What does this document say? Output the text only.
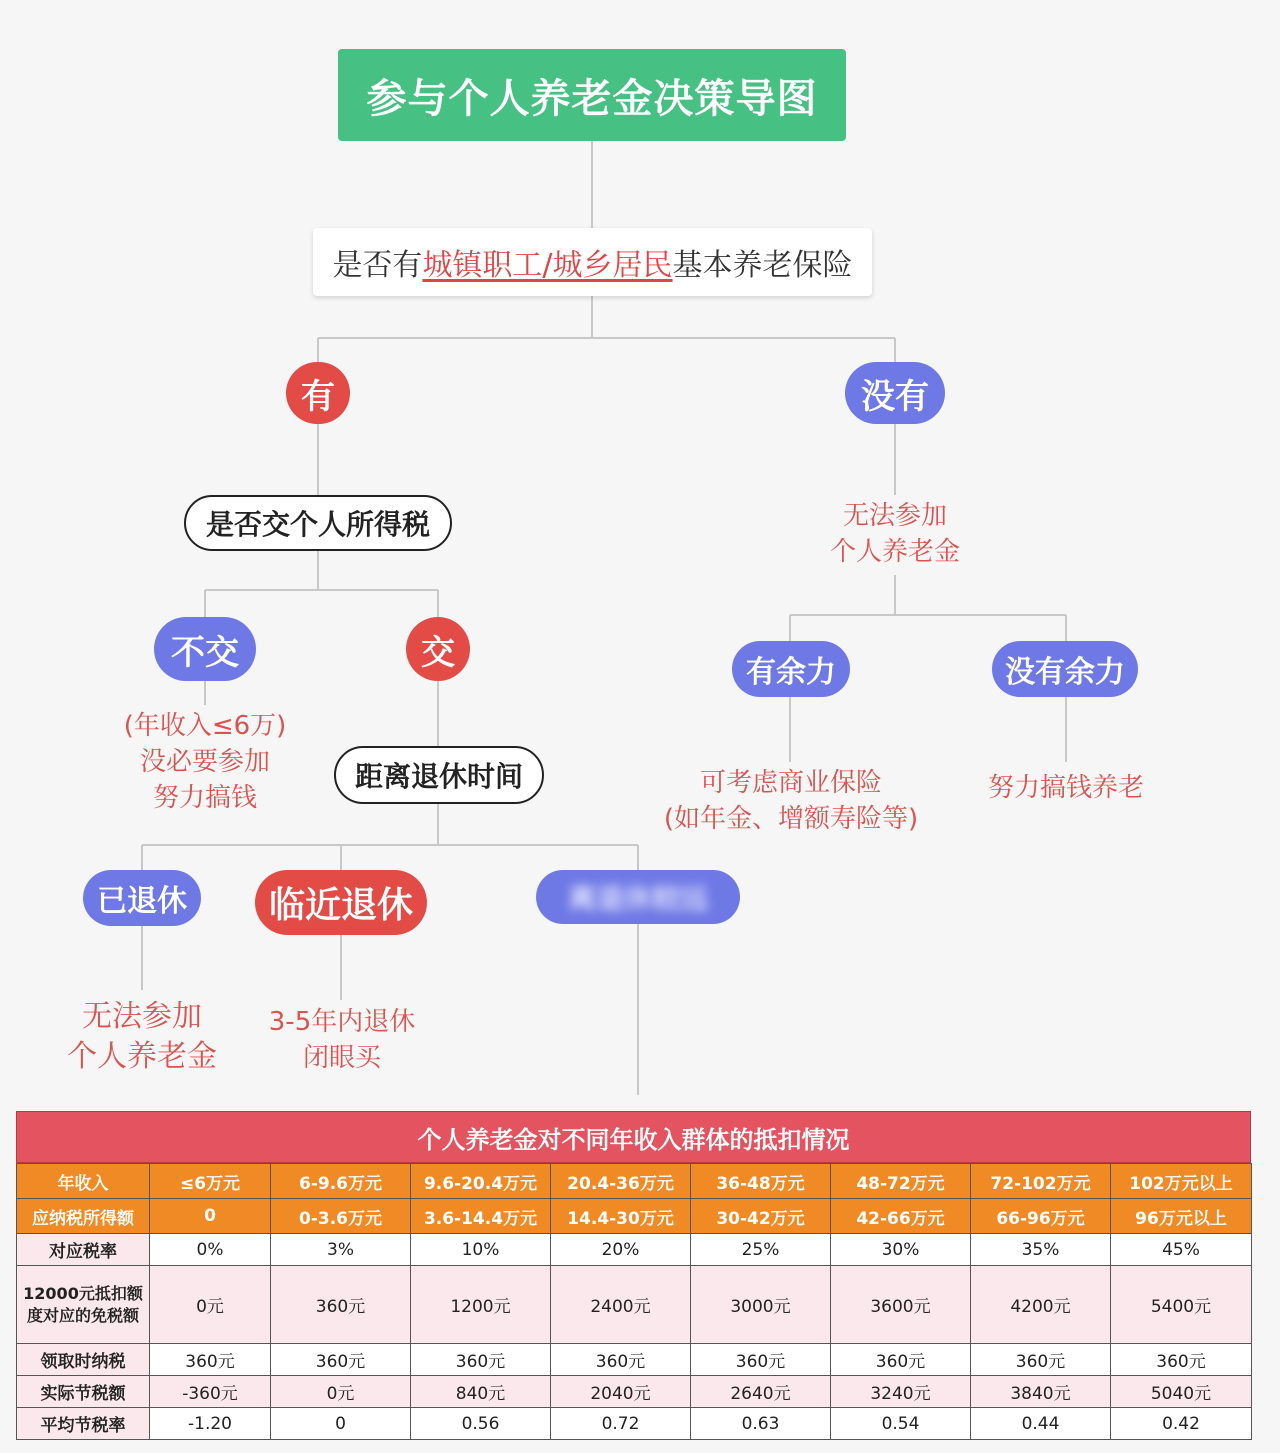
参与个人养老金决策导图
是否有 城镇职工/城乡居民 基本养老保险
有	没有
是否交个人所得税
不交	交
(年收入≤6万)
没必要参加
努力搞钱
距离退休时间
已退休	临近退休	离退休较远
无法参加
个人养老金
3-5年内退休
闭眼买
无法参加
个人养老金
有余力	没有余力
可考虑商业保险
(如年金、增额寿险等)
努力搞钱养老
个人养老金对不同年收入群体的抵扣情况
年收入	≤6万元	6-9.6万元	9.6-20.4万元	20.4-36万元	36-48万元	48-72万元	72-102万元	102万元以上
应纳税所得额	0	0-3.6万元	3.6-14.4万元	14.4-30万元	30-42万元	42-66万元	66-96万元	96万元以上
对应税率	0%	3%	10%	20%	25%	30%	35%	45%
12000元抵扣额度对应的免税额	0元	360元	1200元	2400元	3000元	3600元	4200元	5400元
领取时纳税	360元	360元	360元	360元	360元	360元	360元	360元
实际节税额	-360元	0元	840元	2040元	2640元	3240元	3840元	5040元
平均节税率	-1.20	0	0.56	0.72	0.63	0.54	0.44	0.42
